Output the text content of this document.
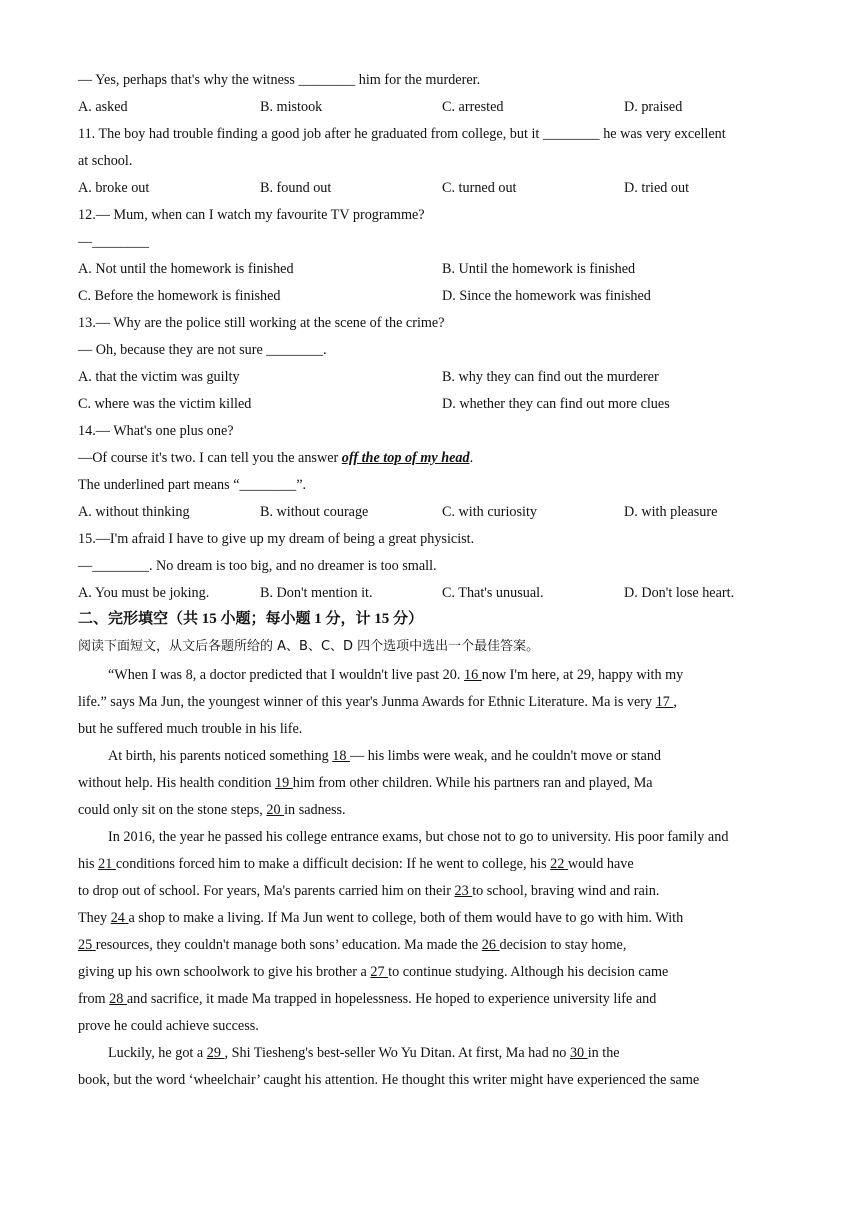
— Yes, perhaps that's why the witness ________ him for the murderer.
A. asked	B. mistook	C. arrested	D. praised
11. The boy had trouble finding a good job after he graduated from college, but it ________ he was very excellent
at school.
A. broke out	B. found out	C. turned out	D. tried out
12.— Mum, when can I watch my favourite TV programme?
—________
A. Not until the homework is finished	B. Until the homework is finished
C. Before the homework is finished	D. Since the homework was finished
13.— Why are the police still working at the scene of the crime?
— Oh, because they are not sure ________.
A. that the victim was guilty	B. why they can find out the murderer
C. where was the victim killed	D. whether they can find out more clues
14.— What's one plus one?
—Of course it's two. I can tell you the answer off the top of my head.
The underlined part means “________”.
A. without thinking	B. without courage	C. with curiosity	D. with pleasure
15.—I'm afraid I have to give up my dream of being a great physicist.
—________. No dream is too big, and no dreamer is too small.
A. You must be joking.	B. Don't mention it.	C. That's unusual.	D. Don't lose heart.
二、完形填空（共 15 小题；每小题 1 分，计 15 分）
阅读下面短文，从文后各题所给的 A、B、C、D 四个选项中选出一个最佳答案。
“When I was 8, a doctor predicted that I wouldn't live past 20. 16 now I'm here, at 29, happy with my
life.” says Ma Jun, the youngest winner of this year's Junma Awards for Ethnic Literature. Ma is very 17 ,
but he suffered much trouble in his life.
At birth, his parents noticed something 18 — his limbs were weak, and he couldn't move or stand
without help. His health condition 19 him from other children. While his partners ran and played, Ma
could only sit on the stone steps, 20 in sadness.
In 2016, the year he passed his college entrance exams, but chose not to go to university. His poor family and
his 21 conditions forced him to make a difficult decision: If he went to college, his 22 would have
to drop out of school. For years, Ma's parents carried him on their 23 to school, braving wind and rain.
They 24 a shop to make a living. If Ma Jun went to college, both of them would have to go with him. With
25 resources, they couldn't manage both sons’ education. Ma made the 26 decision to stay home,
giving up his own schoolwork to give his brother a 27 to continue studying. Although his decision came
from 28 and sacrifice, it made Ma trapped in hopelessness. He hoped to experience university life and
prove he could achieve success.
Luckily, he got a 29 , Shi Tiesheng's best-seller Wo Yu Ditan. At first, Ma had no 30 in the
book, but the word ‘wheelchair’ caught his attention. He thought this writer might have experienced the same
